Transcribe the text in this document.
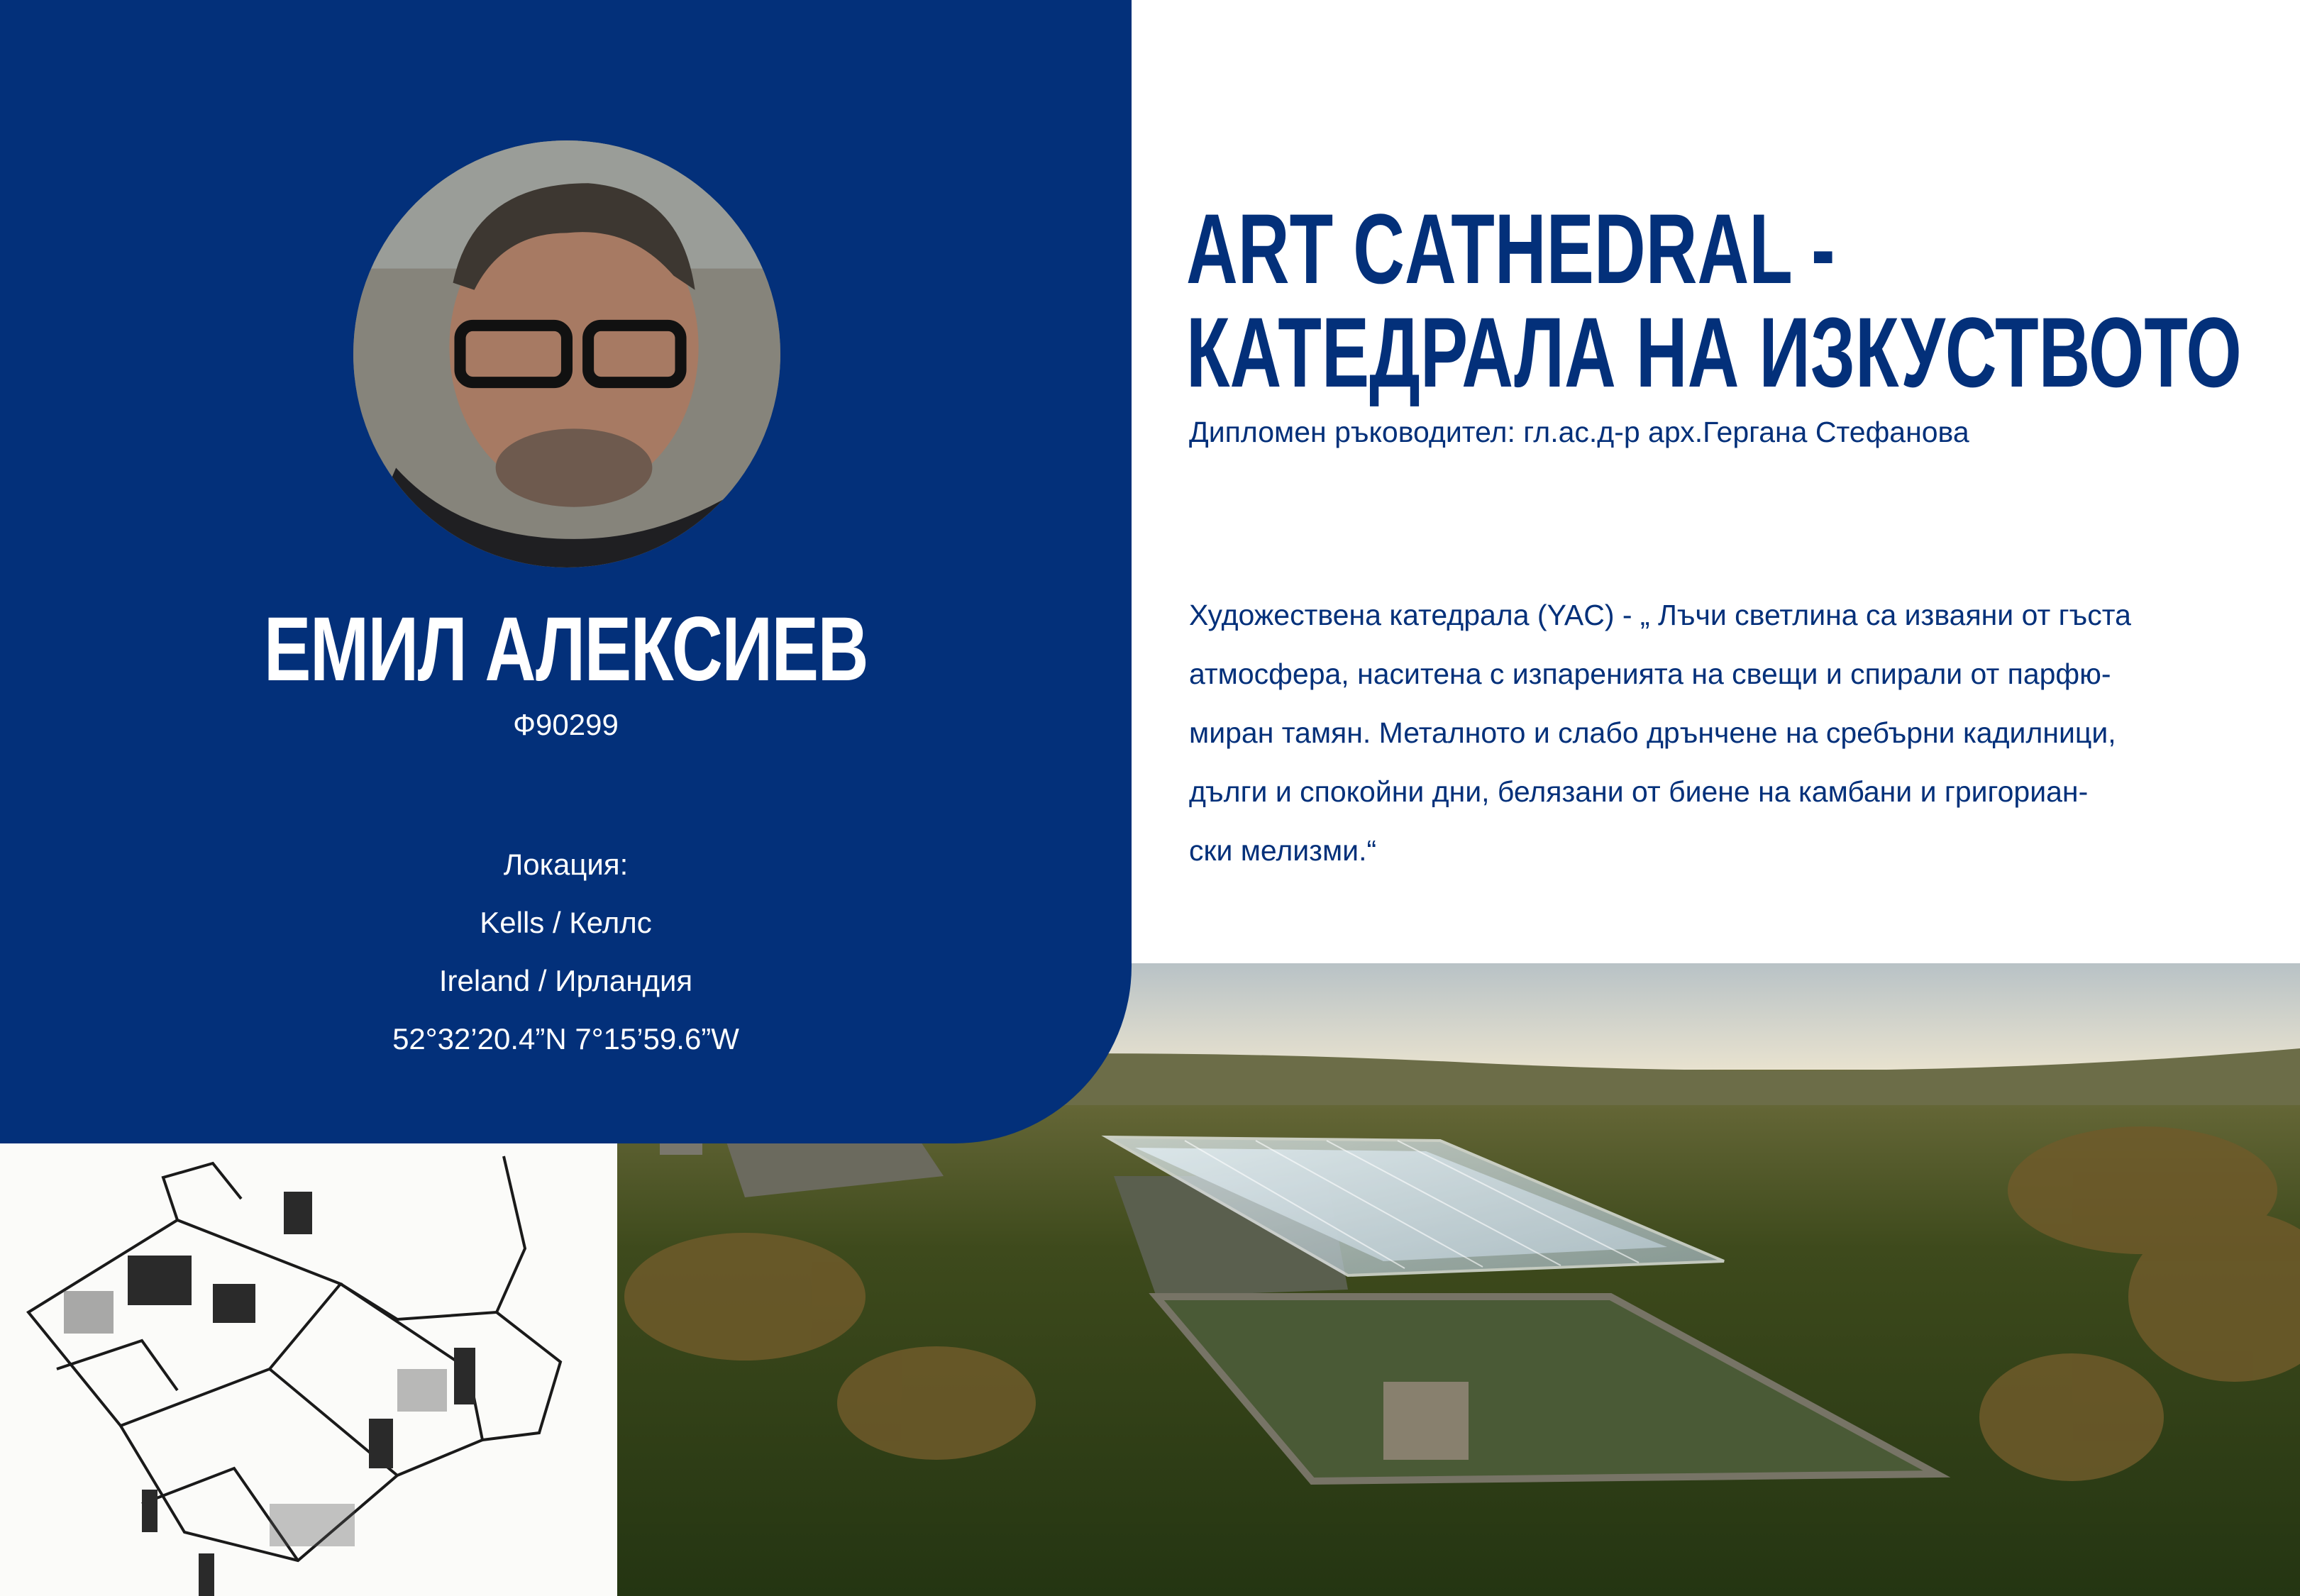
ЕМИЛ АЛЕКСИЕВ
Ф90299
Локация:
Kells / Келлс
Ireland / Ирландия
52°32’20.4”N 7°15’59.6”W
ART CATHEDRAL -
КАТЕДРАЛА НА ИЗКУСТВОТО
Дипломен ръководител: гл.ас.д-р арх.Гергана Стефанова
Художествена катедрала (YAC) - „ Лъчи светлина са изваяни от гъста
атмосфера, наситена с изпаренията на свещи и спирали от парфю-
миран тамян. Металното и слабо дрънчене на сребърни кадилници,
дълги и спокойни дни, белязани от биене на камбани и григориан-
ски мелизми.“
